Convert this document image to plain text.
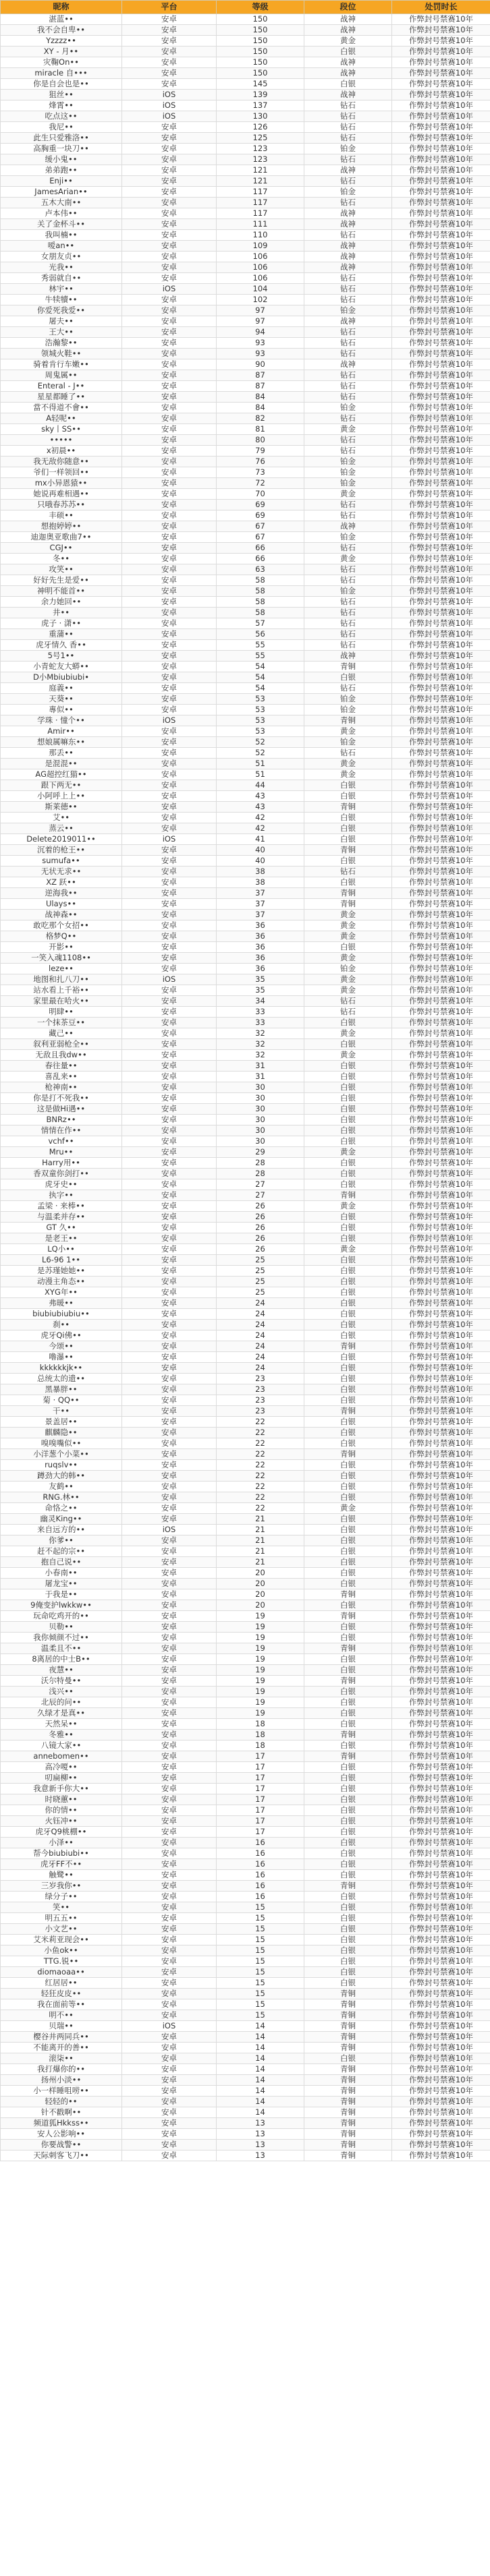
昵称	平台	等级	段位	处罚时长
湛蓝••	安卓	150	战神	作弊封号禁赛10年
我不会自卑••	安卓	150	战神	作弊封号禁赛10年
Yzzzz••	安卓	150	黄金	作弊封号禁赛10年
XY - 月••	安卓	150	白银	作弊封号禁赛10年
灾鞠On••	安卓	150	战神	作弊封号禁赛10年
miracle 自•••	安卓	150	战神	作弊封号禁赛10年
你是自会也是••	安卓	145	白银	作弊封号禁赛10年
狙丝••	iOS	139	战神	作弊封号禁赛10年
烽霄••	iOS	137	钻石	作弊封号禁赛10年
吃点这••	iOS	130	钻石	作弊封号禁赛10年
我尼••	安卓	126	钻石	作弊封号禁赛10年
此生只爱雅洛••	安卓	125	钻石	作弊封号禁赛10年
高胸重一块刀••	安卓	123	铂金	作弊封号禁赛10年
缓小鬼••	安卓	123	钻石	作弊封号禁赛10年
弟弟跑••	安卓	121	战神	作弊封号禁赛10年
Enji••	安卓	121	钻石	作弊封号禁赛10年
JamesArian••	安卓	117	铂金	作弊封号禁赛10年
五木大南••	安卓	117	钻石	作弊封号禁赛10年
卢本伟••	安卓	117	战神	作弊封号禁赛10年
关了金杯斗••	安卓	111	战神	作弊封号禁赛10年
我叫楠••	安卓	110	钻石	作弊封号禁赛10年
嗳an••	安卓	109	战神	作弊封号禁赛10年
女朋友贞••	安卓	106	战神	作弊封号禁赛10年
光我••	安卓	106	战神	作弊封号禁赛10年
秀弱就自••	安卓	106	钻石	作弊封号禁赛10年
林宇••	iOS	104	钻石	作弊封号禁赛10年
牛犊犢••	安卓	102	钻石	作弊封号禁赛10年
你爱死我爱••	安卓	97	铂金	作弊封号禁赛10年
屠夫••	安卓	97	战神	作弊封号禁赛10年
王大••	安卓	94	钻石	作弊封号禁赛10年
浩瀚黎••	安卓	93	钻石	作弊封号禁赛10年
领城火鞋••	安卓	93	钻石	作弊封号禁赛10年
骑着肯行车嫩••	安卓	90	战神	作弊封号禁赛10年
周鬼属••	安卓	87	钻石	作弊封号禁赛10年
Enteral - J••	安卓	87	钻石	作弊封号禁赛10年
星星都睡了••	安卓	84	钻石	作弊封号禁赛10年
當不得道不會••	安卓	84	铂金	作弊封号禁赛10年
A轻呢••	安卓	82	钻石	作弊封号禁赛10年
sky丨SS••	安卓	81	黄金	作弊封号禁赛10年
•••••	安卓	80	钻石	作弊封号禁赛10年
x初晨••	安卓	79	钻石	作弊封号禁赛10年
我无敌你随意••	安卓	76	铂金	作弊封号禁赛10年
爷们一样领回••	安卓	73	铂金	作弊封号禁赛10年
mx小异恩猿••	安卓	72	铂金	作弊封号禁赛10年
她说再难相遇••	安卓	70	黄金	作弊封号禁赛10年
只哦春苏苏••	安卓	69	钻石	作弊封号禁赛10年
丰硕••	安卓	69	钻石	作弊封号禁赛10年
想抱婷婷••	安卓	67	战神	作弊封号禁赛10年
迪迦奥亚歌曲7••	安卓	67	铂金	作弊封号禁赛10年
CGJ••	安卓	66	钻石	作弊封号禁赛10年
冬••	安卓	66	黄金	作弊封号禁赛10年
攻笑••	安卓	63	钻石	作弊封号禁赛10年
好好先生是爱••	安卓	58	钻石	作弊封号禁赛10年
神明不能首••	安卓	58	铂金	作弊封号禁赛10年
余力她回••	安卓	58	钻石	作弊封号禁赛10年
井••	安卓	58	钻石	作弊封号禁赛10年
虎子 · 潇••	安卓	57	钻石	作弊封号禁赛10年
重蒲••	安卓	56	钻石	作弊封号禁赛10年
虎牙情久 香••	安卓	55	钻石	作弊封号禁赛10年
5号1••	安卓	55	战神	作弊封号禁赛10年
小青蛇友大蟒••	安卓	54	青铜	作弊封号禁赛10年
D小Mbiubiubi•	安卓	54	白银	作弊封号禁赛10年
庭義••	安卓	54	钻石	作弊封号禁赛10年
天葵••	安卓	53	铂金	作弊封号禁赛10年
專似••	安卓	53	铂金	作弊封号禁赛10年
学珠 · 憧个••	iOS	53	青铜	作弊封号禁赛10年
Amir••	安卓	53	黄金	作弊封号禁赛10年
想娘属嘛东••	安卓	52	铂金	作弊封号禁赛10年
那丢••	安卓	52	钻石	作弊封号禁赛10年
是混混••	安卓	51	黄金	作弊封号禁赛10年
AG超控红猫••	安卓	51	黄金	作弊封号禁赛10年
跟下两无••	安卓	44	白银	作弊封号禁赛10年
小阿呼上上••	安卓	43	白银	作弊封号禁赛10年
斯莱德••	安卓	43	青铜	作弊封号禁赛10年
艾••	安卓	42	白银	作弊封号禁赛10年
蒸云••	安卓	42	白银	作弊封号禁赛10年
Delete2019011••	iOS	41	白银	作弊封号禁赛10年
沉着的枪王••	安卓	40	青铜	作弊封号禁赛10年
sumufa••	安卓	40	白银	作弊封号禁赛10年
无状无求••	安卓	38	钻石	作弊封号禁赛10年
XZ 跃••	安卓	38	白银	作弊封号禁赛10年
逆海我••	安卓	37	青铜	作弊封号禁赛10年
Ulays••	安卓	37	青铜	作弊封号禁赛10年
战神森••	安卓	37	黄金	作弊封号禁赛10年
敢吃那个女招••	安卓	36	黄金	作弊封号禁赛10年
格梦Q••	安卓	36	黄金	作弊封号禁赛10年
开影••	安卓	36	白银	作弊封号禁赛10年
一笑入魂1108••	安卓	36	黄金	作弊封号禁赛10年
leze••	安卓	36	铂金	作弊封号禁赛10年
地图和扎八刀••	iOS	35	黄金	作弊封号禁赛10年
站水看上千裕••	安卓	35	黄金	作弊封号禁赛10年
家里最在哈火••	安卓	34	钻石	作弊封号禁赛10年
明肆••	安卓	33	钻石	作弊封号禁赛10年
一个抹茶豆••	安卓	33	白银	作弊封号禁赛10年
藏己••	安卓	32	黄金	作弊封号禁赛10年
叙利亚弱枪全••	安卓	32	白银	作弊封号禁赛10年
无敌且我dw••	安卓	32	黄金	作弊封号禁赛10年
春往量••	安卓	31	白银	作弊封号禁赛10年
喜乱来••	安卓	31	白银	作弊封号禁赛10年
枪神南••	安卓	30	白银	作弊封号禁赛10年
你是打不死我••	安卓	30	白银	作弊封号禁赛10年
这是做Hi遇••	安卓	30	白银	作弊封号禁赛10年
BNRz••	安卓	30	白银	作弊封号禁赛10年
情情在作••	安卓	30	白银	作弊封号禁赛10年
vchf••	安卓	30	白银	作弊封号禁赛10年
Mru••	安卓	29	黄金	作弊封号禁赛10年
Harry用••	安卓	28	白银	作弊封号禁赛10年
香双童你剑打••	安卓	28	白银	作弊封号禁赛10年
虎牙史••	安卓	27	白银	作弊封号禁赛10年
执字••	安卓	27	青铜	作弊封号禁赛10年
孟梁 · 来棒••	安卓	26	黄金	作弊封号禁赛10年
与温柔并存••	安卓	26	白银	作弊封号禁赛10年
GT 久••	安卓	26	白银	作弊封号禁赛10年
是老王••	安卓	26	白银	作弊封号禁赛10年
LQ小••	安卓	26	黄金	作弊封号禁赛10年
L6-96 1••	安卓	25	白银	作弊封号禁赛10年
是苏瑾她她••	安卓	25	白银	作弊封号禁赛10年
动漫主角态••	安卓	25	白银	作弊封号禁赛10年
XYG年••	安卓	25	白银	作弊封号禁赛10年
弗暖••	安卓	24	白银	作弊封号禁赛10年
biubiubiubiu••	安卓	24	白银	作弊封号禁赛10年
刹••	安卓	24	白银	作弊封号禁赛10年
虎牙Qi佛••	安卓	24	白银	作弊封号禁赛10年
今颂••	安卓	24	青铜	作弊封号禁赛10年
噜瀑••	安卓	24	白银	作弊封号禁赛10年
kkkkkkjk••	安卓	24	白银	作弊封号禁赛10年
总统太的遗••	安卓	23	白银	作弊封号禁赛10年
黑暴胖••	安卓	23	白银	作弊封号禁赛10年
菊 · QQ••	安卓	23	白银	作弊封号禁赛10年
干••	安卓	23	青铜	作弊封号禁赛10年
景盖居••	安卓	22	白银	作弊封号禁赛10年
麒麟隐••	安卓	22	白银	作弊封号禁赛10年
嗅嗅嘴似••	安卓	22	白银	作弊封号禁赛10年
小洋葱个小菜••	安卓	22	青铜	作弊封号禁赛10年
ruqslv••	安卓	22	白银	作弊封号禁赛10年
蹲劲大的韩••	安卓	22	白银	作弊封号禁赛10年
友鹤••	安卓	22	白银	作弊封号禁赛10年
RNG.林••	安卓	22	白银	作弊封号禁赛10年
命恪之••	安卓	22	黄金	作弊封号禁赛10年
幽灵King••	安卓	21	白银	作弊封号禁赛10年
来自远方的••	iOS	21	白银	作弊封号禁赛10年
你爹••	安卓	21	白银	作弊封号禁赛10年
赶不起的宗••	安卓	21	白银	作弊封号禁赛10年
抱自己说••	安卓	21	白银	作弊封号禁赛10年
小春南••	安卓	20	白银	作弊封号禁赛10年
屠龙宝••	安卓	20	白银	作弊封号禁赛10年
于我是••	安卓	20	青铜	作弊封号禁赛10年
9俺变护lwkkw••	安卓	20	白银	作弊封号禁赛10年
玩命吃鸡开的••	安卓	19	青铜	作弊封号禁赛10年
贝勒••	安卓	19	白银	作弊封号禁赛10年
我你倾颜不过••	安卓	19	白银	作弊封号禁赛10年
温柔且不••	安卓	19	青铜	作弊封号禁赛10年
8离居的中士B••	安卓	19	白银	作弊封号禁赛10年
夜慧••	安卓	19	白银	作弊封号禁赛10年
沃尔特曼••	安卓	19	青铜	作弊封号禁赛10年
浅兴••	安卓	19	白银	作弊封号禁赛10年
北辰的问••	安卓	19	白银	作弊封号禁赛10年
久绿才是真••	安卓	19	白银	作弊封号禁赛10年
天然呆••	安卓	18	白银	作弊封号禁赛10年
冬雅••	安卓	18	青铜	作弊封号禁赛10年
八镜大家••	安卓	18	白银	作弊封号禁赛10年
annebomen••	安卓	17	青铜	作弊封号禁赛10年
高冷嗄••	安卓	17	白银	作弊封号禁赛10年
叨扁柳••	安卓	17	白银	作弊封号禁赛10年
我意新手你大••	安卓	17	白银	作弊封号禁赛10年
时晓蕙••	安卓	17	白银	作弊封号禁赛10年
你的情••	安卓	17	白银	作弊封号禁赛10年
火钰冲••	安卓	17	白银	作弊封号禁赛10年
虎牙Q9桃棚••	安卓	17	白银	作弊封号禁赛10年
小泽••	安卓	16	白银	作弊封号禁赛10年
帮今biubiubi••	安卓	16	白银	作弊封号禁赛10年
虎牙FF不••	安卓	16	白银	作弊封号禁赛10年
触鹭••	安卓	16	白银	作弊封号禁赛10年
三岁我你••	安卓	16	青铜	作弊封号禁赛10年
绿分子••	安卓	16	白银	作弊封号禁赛10年
笑••	安卓	15	白银	作弊封号禁赛10年
明五五••	安卓	15	白银	作弊封号禁赛10年
小文艺••	安卓	15	白银	作弊封号禁赛10年
艾米莉亚现会••	安卓	15	白银	作弊封号禁赛10年
小鱼ok••	安卓	15	白银	作弊封号禁赛10年
TTG.锐••	安卓	15	白银	作弊封号禁赛10年
diomaoaa••	安卓	15	白银	作弊封号禁赛10年
红居居••	安卓	15	白银	作弊封号禁赛10年
轻狂皮皮••	安卓	15	青铜	作弊封号禁赛10年
我在面前等••	安卓	15	青铜	作弊封号禁赛10年
明不••	安卓	15	青铜	作弊封号禁赛10年
贝瑞••	iOS	14	青铜	作弊封号禁赛10年
樱谷井两同兵••	安卓	14	青铜	作弊封号禁赛10年
不能离开的善••	安卓	14	青铜	作弊封号禁赛10年
滚柒••	安卓	14	白银	作弊封号禁赛10年
我打爆你的••	安卓	14	青铜	作弊封号禁赛10年
扬州小淡••	安卓	14	青铜	作弊封号禁赛10年
小一样睡咀唠••	安卓	14	青铜	作弊封号禁赛10年
轻轻的••	安卓	14	青铜	作弊封号禁赛10年
针不戳啊••	安卓	14	青铜	作弊封号禁赛10年
频道狐Hkkss••	安卓	13	青铜	作弊封号禁赛10年
安人公影响••	安卓	13	青铜	作弊封号禁赛10年
你要战警••	安卓	13	青铜	作弊封号禁赛10年
天际刺客飞刀••	安卓	13	青铜	作弊封号禁赛10年
